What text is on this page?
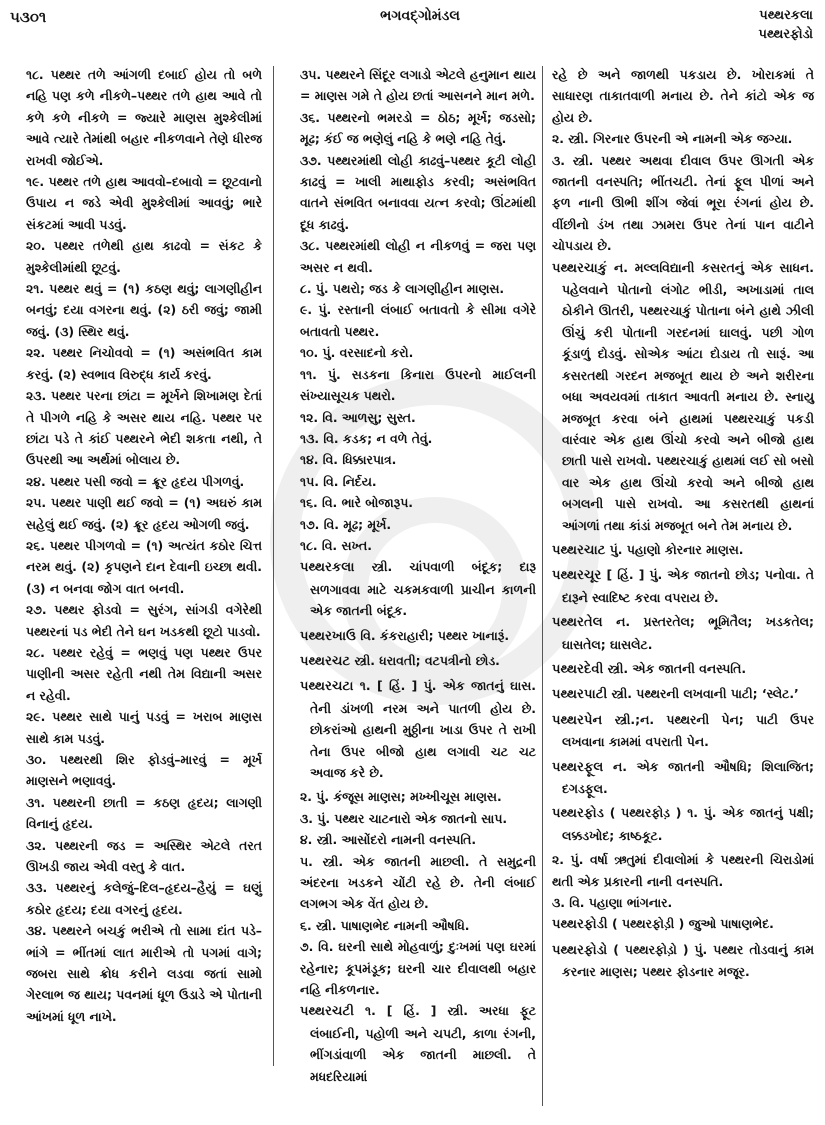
૫૩૦૧	ભગવદ્ગોમંડલ	પથ્થરકલા
પથ્થરફોડો

૧૮. પથ્થર તળે આંગળી દબાઈ હોય તો બળે નહિ પણ કળે નીકળે–પથ્થર તળે હાથ આવે તો કળે કળે નીકળે = જ્યારે માણસ મુશ્કેલીમાં આવે ત્યારે તેમાંથી બહાર નીકળવાને તેણે ધીરજ રાખવી જોઈએ.

૧૯. પથ્થર તળે હાથ આવવો–દબાવો = છૂટવાનો ઉપાય ન જડે એવી મુશ્કેલીમાં આવવું; ભારે સંકટમાં આવી પડવું.

૨૦. પથ્થર તળેથી હાથ કાઢવો = સંકટ કે મુશ્કેલીમાંથી છૂટવું.

૨૧. પથ્થર થવું = (૧) કઠણ થવું; લાગણીહીન બનવું; દયા વગરના થવું. (૨) ઠરી જવું; જામી જવું. (૩) સ્થિર થવું.

૨૨. પથ્થર નિચોવવો = (૧) અસંભવિત કામ કરવું. (૨) સ્વભાવ વિરુદ્ધ કાર્ય કરવું.

૨૩. પથ્થર પરના છાંટા = મૂર્ખને શિખામણ દેતાં તે પીગળે નહિ કે અસર થાય નહિ. પથ્થર પર છાંટા પડે તે કાંઈ પથ્થરને ભેદી શકતા નથી, તે ઉપરથી આ અર્થમાં બોલાય છે.

૨૪. પથ્થર પસી જવો = ક્રૂર હૃદય પીગળવું.

૨૫. પથ્થર પાણી થઈ જવો = (૧) અઘરું કામ સહેલું થઈ જવું. (૨) ક્રૂર હૃદય ઓગળી જવું.

૨૬. પથ્થર પીગળવો = (૧) અત્યંત કઠોર ચિત્ત નરમ થવું. (૨) કૃપણને દાન દેવાની ઇચ્છા થવી. (૩) ન બનવા જોગ વાત બનવી.

૨૭. પથ્થર ફોડવો = સુરંગ, સાંગડી વગેરેથી પથ્થરનાં પડ ભેદી તેને ઘન ખડકથી છૂટો પાડવો.

૨૮. પથ્થર રહેવું = ભણવું પણ પથ્થર ઉપર પાણીની અસર રહેતી નથી તેમ વિદ્યાની અસર ન રહેવી.

૨૯. પથ્થર સાથે પાનું પડવું = ખરાબ માણસ સાથે કામ પડવું.

૩૦. પથ્થરથી શિર ફોડવું–મારવું = મૂર્ખ માણસને ભણાવવું.

૩૧. પથ્થરની છાતી = કઠણ હૃદય; લાગણી વિનાનું હૃદય.

૩૨. પથ્થરની જડ = અસ્થિર એટલે તરત ઊખડી જાય એવી વસ્તુ કે વાત.

૩૩. પથ્થરનું કલેજું–દિલ–હૃદય–હૈયું = ઘણું કઠોર હૃદય; દયા વગરનું હૃદય.

૩૪. પથ્થરને બચકું ભરીએ તો સામા દાંત પડે–ભાંગે = ભીંતમાં લાત મારીએ તો પગમાં વાગે; જબરા સાથે ક્રોધ કરીને લડવા જતાં સામો ગેરલાભ જ થાય; પવનમાં ધૂળ ઉડાડે એ પોતાની આંખમાં ધૂળ નાખે.

૩૫. પથ્થરને સિંદૂર લગાડો એટલે હનુમાન થાય = માણસ ગમે તે હોય છતાં આસનને માન મળે.

૩૬. પથ્થરનો ભમરડો = ઠોઠ; મૂર્ખ; જડસો; મૂઢ; કંઈ જ ભણેલું નહિ કે ભણે નહિ તેવું.

૩૭. પથ્થરમાંથી લોહી કાઢવું–પથ્થર કૂટી લોહી કાઢવું = ખાલી માથાફોડ કરવી; અસંભવિત વાતને સંભવિત બનાવવા યત્ન કરવો; ઊંટમાંથી દૂધ કાઢવું.

૩૮. પથ્થરમાંથી લોહી ન નીકળવું = જરા પણ અસર ન થવી.

૮. પું. પથરો; જડ કે લાગણીહીન માણસ.

૯. પું. રસ્તાની લંબાઈ બતાવતો કે સીમા વગેરે બતાવતો પથ્થર.

૧૦. પું. વરસાદનો કરો.

૧૧. પું. સડકના કિનારા ઉપરનો માઈલની સંખ્યાસૂચક પથરો.

૧૨. વિ. આળસુ; સુસ્ત.

૧૩. વિ. કડક; ન વળે તેવું.

૧૪. વિ. ધિક્કારપાત્ર.

૧૫. વિ. નિર્દય.

૧૬. વિ. ભારે બોજારૂપ.

૧૭. વિ. મૂઢ; મૂર્ખ.

૧૮. વિ. સખ્ત.

પથ્થરકલા સ્ત્રી. ચાંપવાળી બંદૂક; દારૂ સળગાવવા માટે ચકમકવાળી પ્રાચીન કાળની એક જાતની બંદૂક.

પથ્થરખાઉ વિ. કંકરાહારી; પથ્થર ખાનારૂં.

પથ્થરચટ સ્ત્રી. ધરાવતી; વટપત્રીનો છોડ.

પથ્થરચટા ૧. [ હિં. ] પું. એક જાતનું ઘાસ. તેની ડાંખળી નરમ અને પાતળી હોય છે. છોકરાંઓ હાથની મુઠ્ઠીના ખાડા ઉપર તે રાખી તેના ઉપર બીજો હાથ લગાવી ચટ ચટ અવાજ કરે છે.

૨. પું. કંજૂસ માણસ; મખ્ખીચૂસ માણસ.

૩. પું. પથ્થર ચાટનારો એક જાતનો સાપ.

૪. સ્ત્રી. આસોંદરો નામની વનસ્પતિ.

૫. સ્ત્રી. એક જાતની માછલી. તે સમુદ્રની અંદરના ખડકને ચોંટી રહે છે. તેની લંબાઈ લગભગ એક વેંત હોય છે.

૬. સ્ત્રી. પાષાણભેદ નામની ઔષધિ.

૭. વિ. ઘરની સાથે મોહવાળું; દુઃખમાં પણ ઘરમાં રહેનાર; કૂપમંડૂક; ઘરની ચાર દીવાલથી બહાર નહિ નીકળનાર.

પથ્થરચટી ૧. [ હિં. ] સ્ત્રી. અરધા ફૂટ લંબાઈની, પહોળી અને ચપટી, કાળા રંગની, ભીંગડાંવાળી એક જાતની માછલી. તે મધદરિયામાં

રહે છે અને જાળથી પકડાય છે. ખોરાકમાં તે સાધારણ તાકાતવાળી મનાય છે. તેને કાંટો એક જ હોય છે.

૨. સ્ત્રી. ગિરનાર ઉપરની એ નામની એક જગ્યા.

૩. સ્ત્રી. પથ્થર અથવા દીવાલ ઉપર ઊગતી એક જાતની વનસ્પતિ; ભીંતચટી. તેનાં ફૂલ પીળાં અને ફળ નાની ઊભી શીંગ જેવાં ભૂરા રંગનાં હોય છે. વીંછીનો ડંખ તથા ઝામરા ઉપર તેનાં પાન વાટીને ચોપડાય છે.

પથ્થરચાકું ન. મલ્લવિદ્યાની કસરતનું એક સાધન. પહેલવાને પોતાનો લંગોટ ભીડી, અખાડામાં તાલ ઠોકીને ઊતરી, પથ્થરચાકું પોતાના બંને હાથે ઝીલી ઊંચું કરી પોતાની ગરદનમાં ઘાલવું. પછી ગોળ કૂંડાળું દોડવું. સોએક આંટા દોડાય તો સારૂં. આ કસરતથી ગરદન મજબૂત થાય છે અને શરીરના બધા અવયવમાં તાકાત આવતી મનાય છે. સ્નાયુ મજબૂત કરવા બંને હાથમાં પથ્થરચાકું પકડી વારંવાર એક હાથ ઊંચો કરવો અને બીજો હાથ છાતી પાસે રાખવો. પથ્થરચાકું હાથમાં લઈ સો બસો વાર એક હાથ ઊંચો કરવો અને બીજો હાથ બગલની પાસે રાખવો. આ કસરતથી હાથનાં આંગળાં તથા કાંડાં મજબૂત બને તેમ મનાય છે.

પથ્થરચાટ પું. પહાણો કોરનાર માણસ.

પથ્થરચૂર [ હિં. ] પું. એક જાતનો છોડ; પનોવા. તે દારૂને સ્વાદિષ્ટ કરવા વપરાય છે.

પથ્થરતેલ ન. પ્રસ્તરતેલ; ભૂમિતૈલ; ખડકતેલ; ઘાસતેલ; ઘાસલેટ.

પથ્થરદેવી સ્ત્રી. એક જાતની વનસ્પતિ.

પથ્થરપાટી સ્ત્રી. પથ્થરની લખવાની પાટી; ‘સ્લેટ.’

પથ્થરપેન સ્ત્રી.;ન. પથ્થરની પેન; પાટી ઉપર લખવાના કામમાં વપરાતી પેન.

પથ્થરફૂલ ન. એક જાતની ઔષધિ; શિલાજિત; દગડફૂલ.

પથ્થરફોડ ( પથ્થરફોડ઼ ) ૧. પું. એક જાતનું પક્ષી; લક્કડખોદ; કાષ્ઠકૂટ.

૨. પું. વર્ષા ઋતુમાં દીવાલોમાં કે પથ્થરની ચિરાડોમાં થતી એક પ્રકારની નાની વનસ્પતિ.

૩. વિ. પહાણા ભાંગનાર.

પથ્થરફોડી ( પથ્થરફોડ઼ી ) જુઓ પાષાણભેદ.

પથ્થરફોડો ( પથ્થરફોડ઼ો ) પું. પથ્થર તોડવાનું કામ કરનાર માણસ; પથ્થર ફોડનાર મજૂર.
